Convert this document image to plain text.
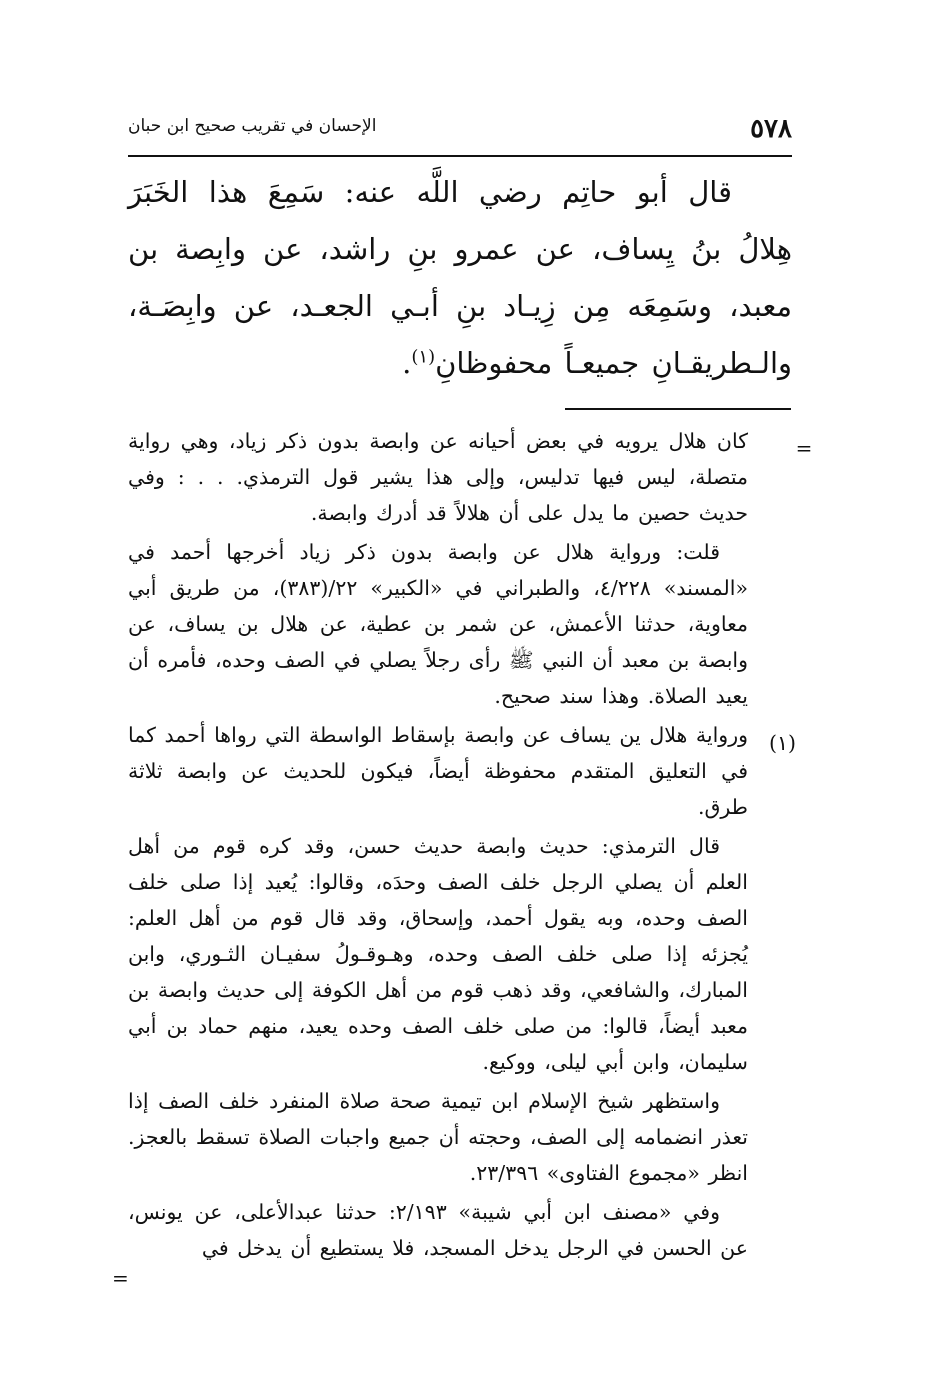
٥٧٨
الإحسان في تقريب صحيح ابن حبان

قال أبو حاتِم رضي اللَّه عنه: سَمِعَ هذا الخَبَرَ هِلالُ بنُ يِساف، عن عمرو بنِ راشد، عن وابِصة بن معبد، وسَمِعَه مِن زِيـاد بنِ أبـي الجعـد، عن وابِصَـة، والـطريقـانِ جميعـاً محفوظانِ$^{(١)}$.

=

كان هلال يرويه في بعض أحيانه عن وابصة بدون ذكر زياد، وهي رواية متصلة، ليس فيها تدليس، وإلى هذا يشير قول الترمذي. . . : وفي حديث حصين ما يدل على أن هلالاً قد أدرك وابصة.

قلت: ورواية هلال عن وابصة بدون ذكر زياد أخرجها أحمد في «المسند» ٤/٢٢٨، والطبراني في «الكبير» ٢٢/(٣٨٣)، من طريق أبي معاوية، حدثنا الأعمش، عن شمر بن عطية، عن هلال بن يساف، عن وابصة بن معبد أن النبي ﷺ رأى رجلاً يصلي في الصف وحده، فأمره أن يعيد الصلاة. وهذا سند صحيح.

ورواية هلال ين يساف عن وابصة بإسقاط الواسطة التي رواها أحمد كما في التعليق المتقدم محفوظة أيضاً، فيكون للحديث عن وابصة ثلاثة طرق.

قال الترمذي: حديث وابصة حديث حسن، وقد كره قوم من أهل العلم أن يصلي الرجل خلف الصف وحدَه، وقالوا: يُعيد إذا صلى خلف الصف وحده، وبه يقول أحمد، وإسحاق، وقد قال قوم من أهل العلم: يُجزئه إذا صلى خلف الصف وحده، وهـوقـولُ سفيـان الثـوري، وابن المبارك، والشافعي، وقد ذهب قوم من أهل الكوفة إلى حديث وابصة بن معبد أيضاً، قالوا: من صلى خلف الصف وحده يعيد، منهم حماد بن أبي سليمان، وابن أبي ليلى، ووكيع.

واستظهر شيخ الإسلام ابن تيمية صحة صلاة المنفرد خلف الصف إذا تعذر انضمامه إلى الصف، وحجته أن جميع واجبات الصلاة تسقط بالعجز. انظر «مجموع الفتاوى» ٢٣/٣٩٦.

وفي «مصنف ابن أبي شيبة» ٢/١٩٣: حدثنا عبدالأعلى، عن يونس، عن الحسن في الرجل يدخل المسجد، فلا يستطيع أن يدخل في

(١)
=
